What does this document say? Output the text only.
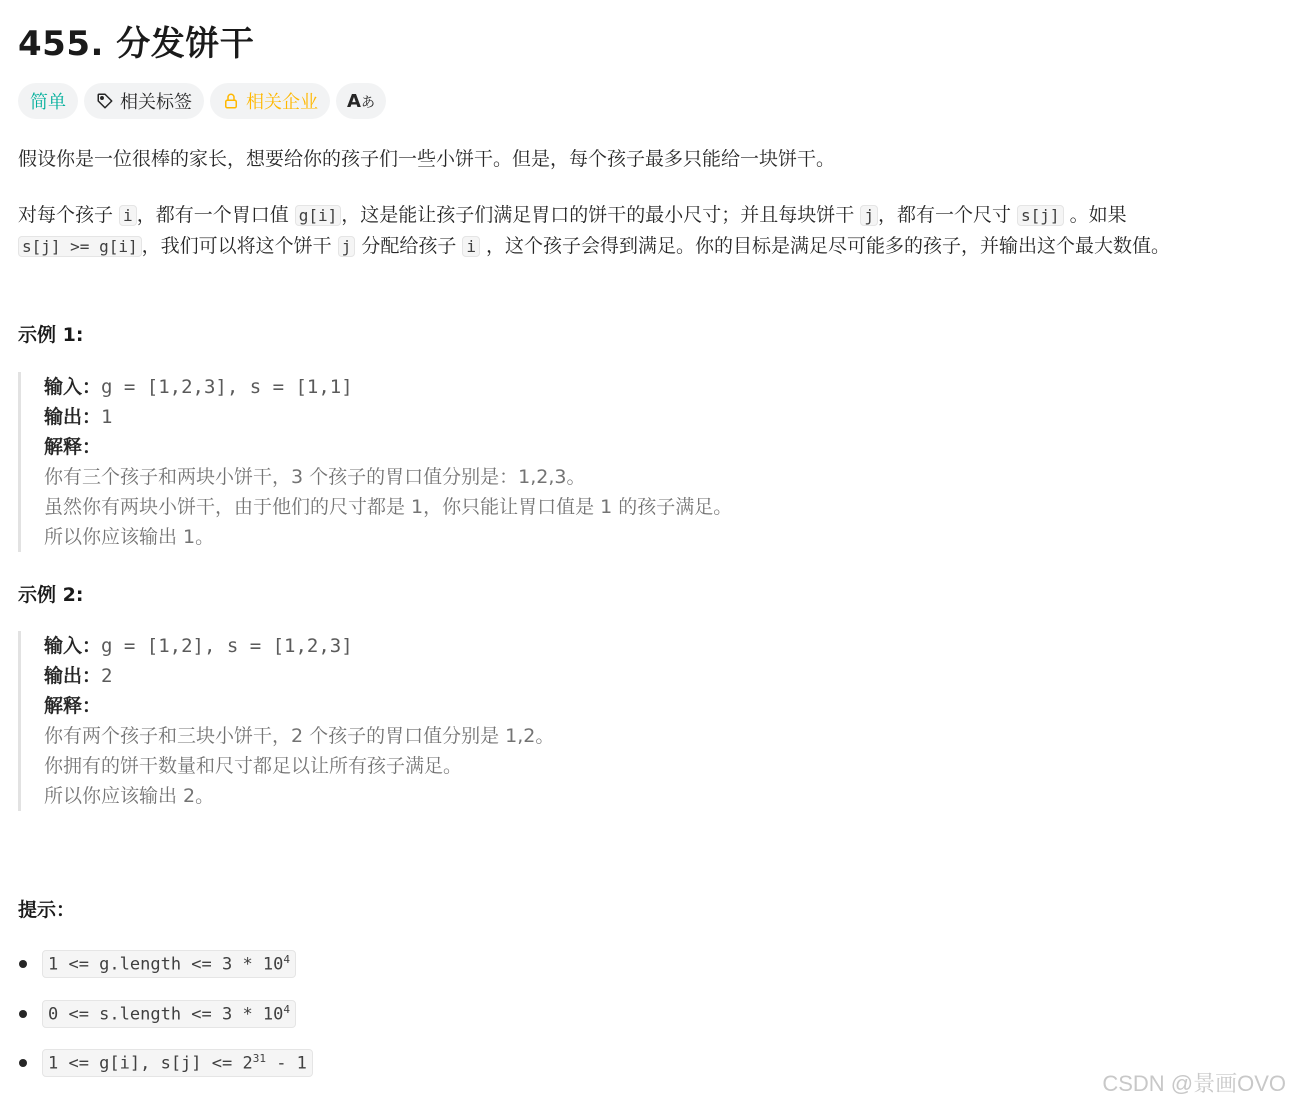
455. 分发饼干
简单	相关标签	相关企业 Aあ

假设你是一位很棒的家长，想要给你的孩子们一些小饼干。但是，每个孩子最多只能给一块饼干。

对每个孩子 i ，都有一个胃口值 g[i] ，这是能让孩子们满足胃口的饼干的最小尺寸；并且每块饼干 j ，都有一个尺寸 s[j] 。如果

s[j] >= g[i] ，我们可以将这个饼干 j 分配给孩子 i ，这个孩子会得到满足。你的目标是满足尽可能多的孩子，并输出这个最大数值。

示例 1:
输入：g = [1,2,3], s = [1,1]
输出：1
解释：
你有三个孩子和两块小饼干，3 个孩子的胃口值分别是：1,2,3。
虽然你有两块小饼干，由于他们的尺寸都是 1，你只能让胃口值是 1 的孩子满足。
所以你应该输出 1。
示例 2:
输入：g = [1,2], s = [1,2,3]
输出：2
解释：
你有两个孩子和三块小饼干，2 个孩子的胃口值分别是 1,2。
你拥有的饼干数量和尺寸都足以让所有孩子满足。
所以你应该输出 2。
提示：
1 <= g.length <= $3 * 10^4$
0 <= s.length <= $3 * 10^4$
1 <= g[i], $s[j] <= 2^{31} - 1$
CSDN @景画OVO
